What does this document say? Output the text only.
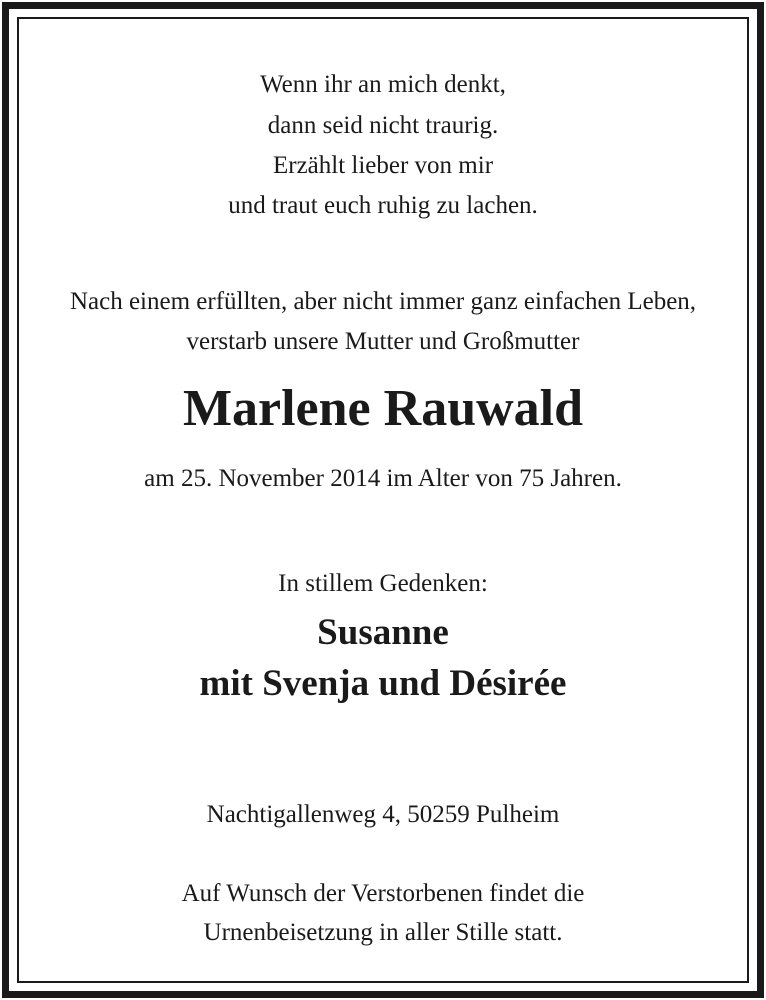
Wenn ihr an mich denkt,
dann seid nicht traurig.
Erzählt lieber von mir
und traut euch ruhig zu lachen.
Nach einem erfüllten, aber nicht immer ganz einfachen Leben,
verstarb unsere Mutter und Großmutter
Marlene Rauwald
am 25. November 2014 im Alter von 75 Jahren.
In stillem Gedenken:
Susanne
mit Svenja und Désirée
Nachtigallenweg 4, 50259 Pulheim
Auf Wunsch der Verstorbenen findet die
Urnenbeisetzung in aller Stille statt.
